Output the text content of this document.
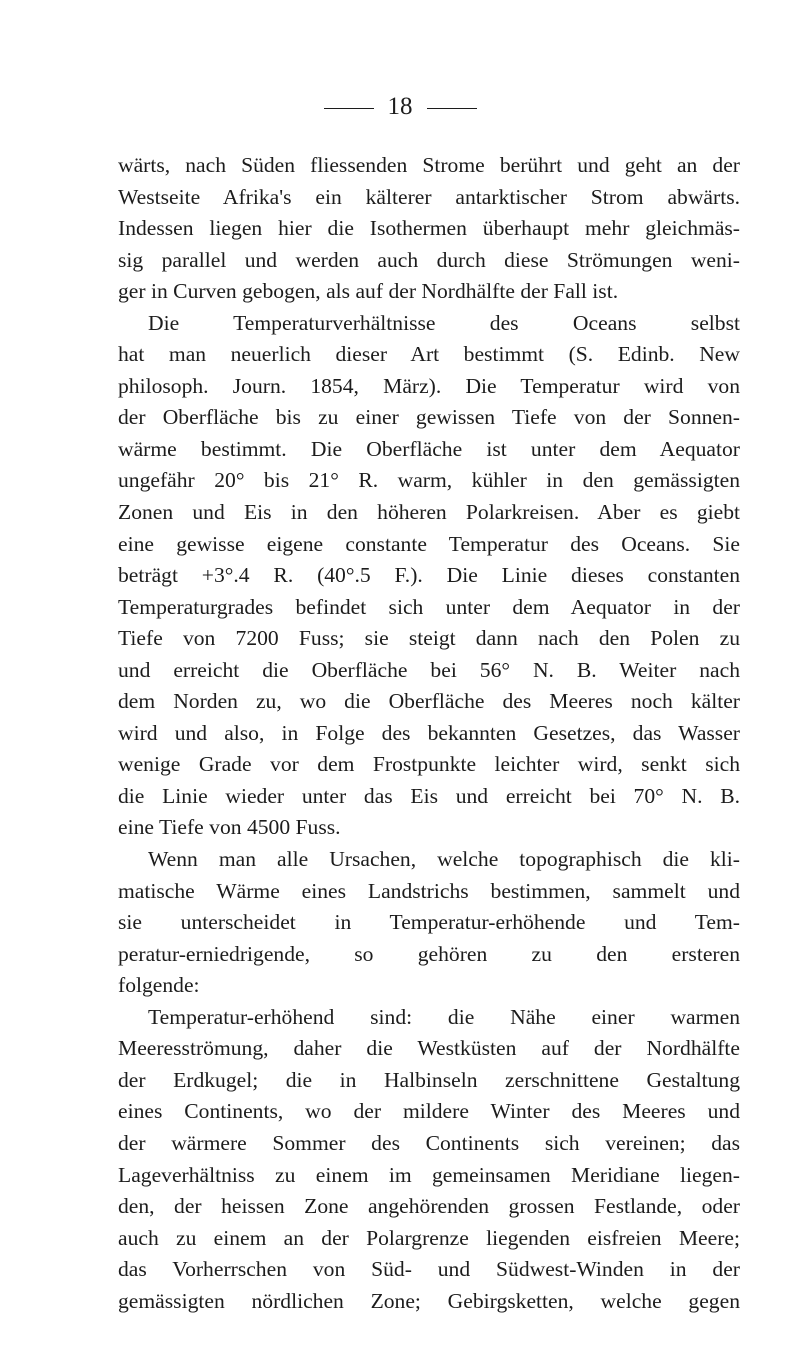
18
wärts, nach Süden fliessenden Strome berührt und geht an der
Westseite Afrika's ein kälterer antarktischer Strom abwärts.
Indessen liegen hier die Isothermen überhaupt mehr gleichmäs-
sig parallel und werden auch durch diese Strömungen weni-
ger in Curven gebogen, als auf der Nordhälfte der Fall ist.
Die Temperaturverhältnisse des Oceans selbst
hat man neuerlich dieser Art bestimmt (S. Edinb. New
philosoph. Journ. 1854, März). Die Temperatur wird von
der Oberfläche bis zu einer gewissen Tiefe von der Sonnen-
wärme bestimmt. Die Oberfläche ist unter dem Aequator
ungefähr 20° bis 21° R. warm, kühler in den gemässigten
Zonen und Eis in den höheren Polarkreisen. Aber es giebt
eine gewisse eigene constante Temperatur des Oceans. Sie
beträgt +3°.4 R. (40°.5 F.). Die Linie dieses constanten
Temperaturgrades befindet sich unter dem Aequator in der
Tiefe von 7200 Fuss; sie steigt dann nach den Polen zu
und erreicht die Oberfläche bei 56° N. B. Weiter nach
dem Norden zu, wo die Oberfläche des Meeres noch kälter
wird und also, in Folge des bekannten Gesetzes, das Wasser
wenige Grade vor dem Frostpunkte leichter wird, senkt sich
die Linie wieder unter das Eis und erreicht bei 70° N. B.
eine Tiefe von 4500 Fuss.
Wenn man alle Ursachen, welche topographisch die kli-
matische Wärme eines Landstrichs bestimmen, sammelt und
sie unterscheidet in Temperatur-erhöhende und Tem-
peratur-erniedrigende, so gehören zu den ersteren
folgende:
Temperatur-erhöhend sind: die Nähe einer warmen
Meeresströmung, daher die Westküsten auf der Nordhälfte
der Erdkugel; die in Halbinseln zerschnittene Gestaltung
eines Continents, wo der mildere Winter des Meeres und
der wärmere Sommer des Continents sich vereinen; das
Lageverhältniss zu einem im gemeinsamen Meridiane liegen-
den, der heissen Zone angehörenden grossen Festlande, oder
auch zu einem an der Polargrenze liegenden eisfreien Meere;
das Vorherrschen von Süd- und Südwest-Winden in der
gemässigten nördlichen Zone; Gebirgsketten, welche gegen
